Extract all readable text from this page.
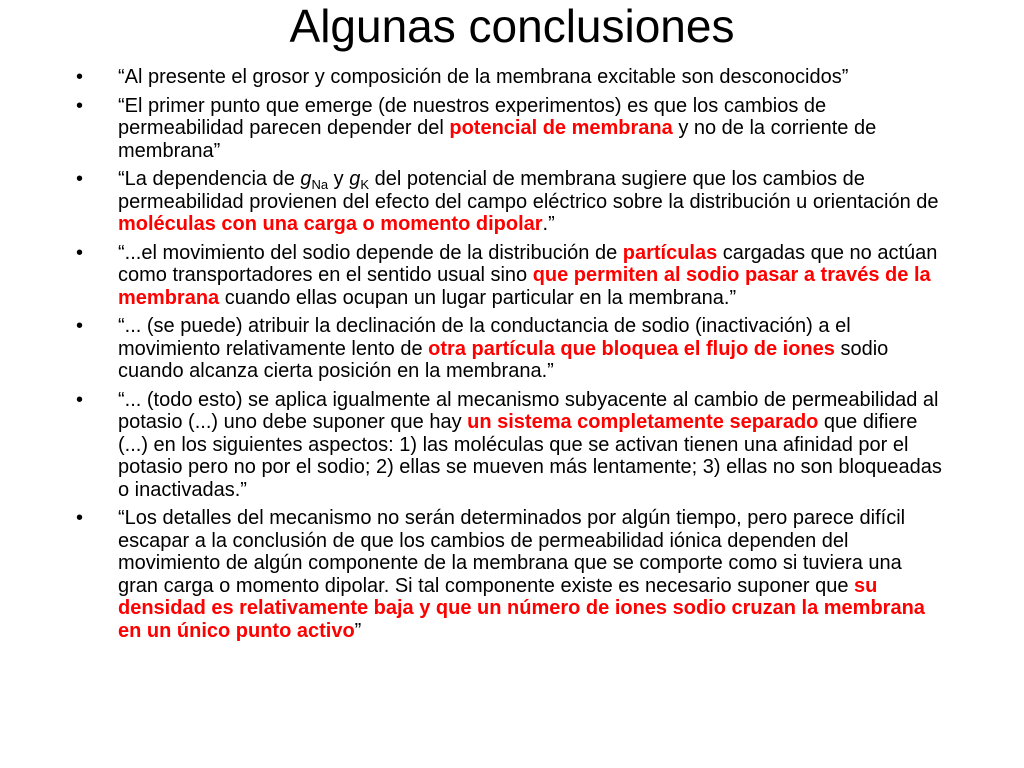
Algunas conclusiones
• “Al presente el grosor y composición de la membrana excitable son desconocidos”
• “El primer punto que emerge (de nuestros experimentos) es que los cambios de permeabilidad parecen depender del potencial de membrana y no de la corriente de membrana”
• “La dependencia de $g_{Na}$ y $g_K$ del potencial de membrana sugiere que los cambios de permeabilidad provienen del efecto del campo eléctrico sobre la distribución u orientación de moléculas con una carga o momento dipolar.”
• “...el movimiento del sodio depende de la distribución de partículas cargadas que no actúan como transportadores en el sentido usual sino que permiten al sodio pasar a través de la membrana cuando ellas ocupan un lugar particular en la membrana.”
• “... (se puede) atribuir la declinación de la conductancia de sodio (inactivación) a el movimiento relativamente lento de otra partícula que bloquea el flujo de iones sodio cuando alcanza cierta posición en la membrana.”
• “... (todo esto) se aplica igualmente al mecanismo subyacente al cambio de permeabilidad al potasio (...) uno debe suponer que hay un sistema completamente separado que difiere (...) en los siguientes aspectos: 1) las moléculas que se activan tienen una afinidad por el potasio pero no por el sodio; 2) ellas se mueven más lentamente; 3) ellas no son bloqueadas o inactivadas.”
• “Los detalles del mecanismo no serán determinados por algún tiempo, pero parece difícil escapar a la conclusión de que los cambios de permeabilidad iónica dependen del movimiento de algún componente de la membrana que se comporte como si tuviera una gran carga o momento dipolar. Si tal componente existe es necesario suponer que su densidad es relativamente baja y que un número de iones sodio cruzan la membrana en un único punto activo”
